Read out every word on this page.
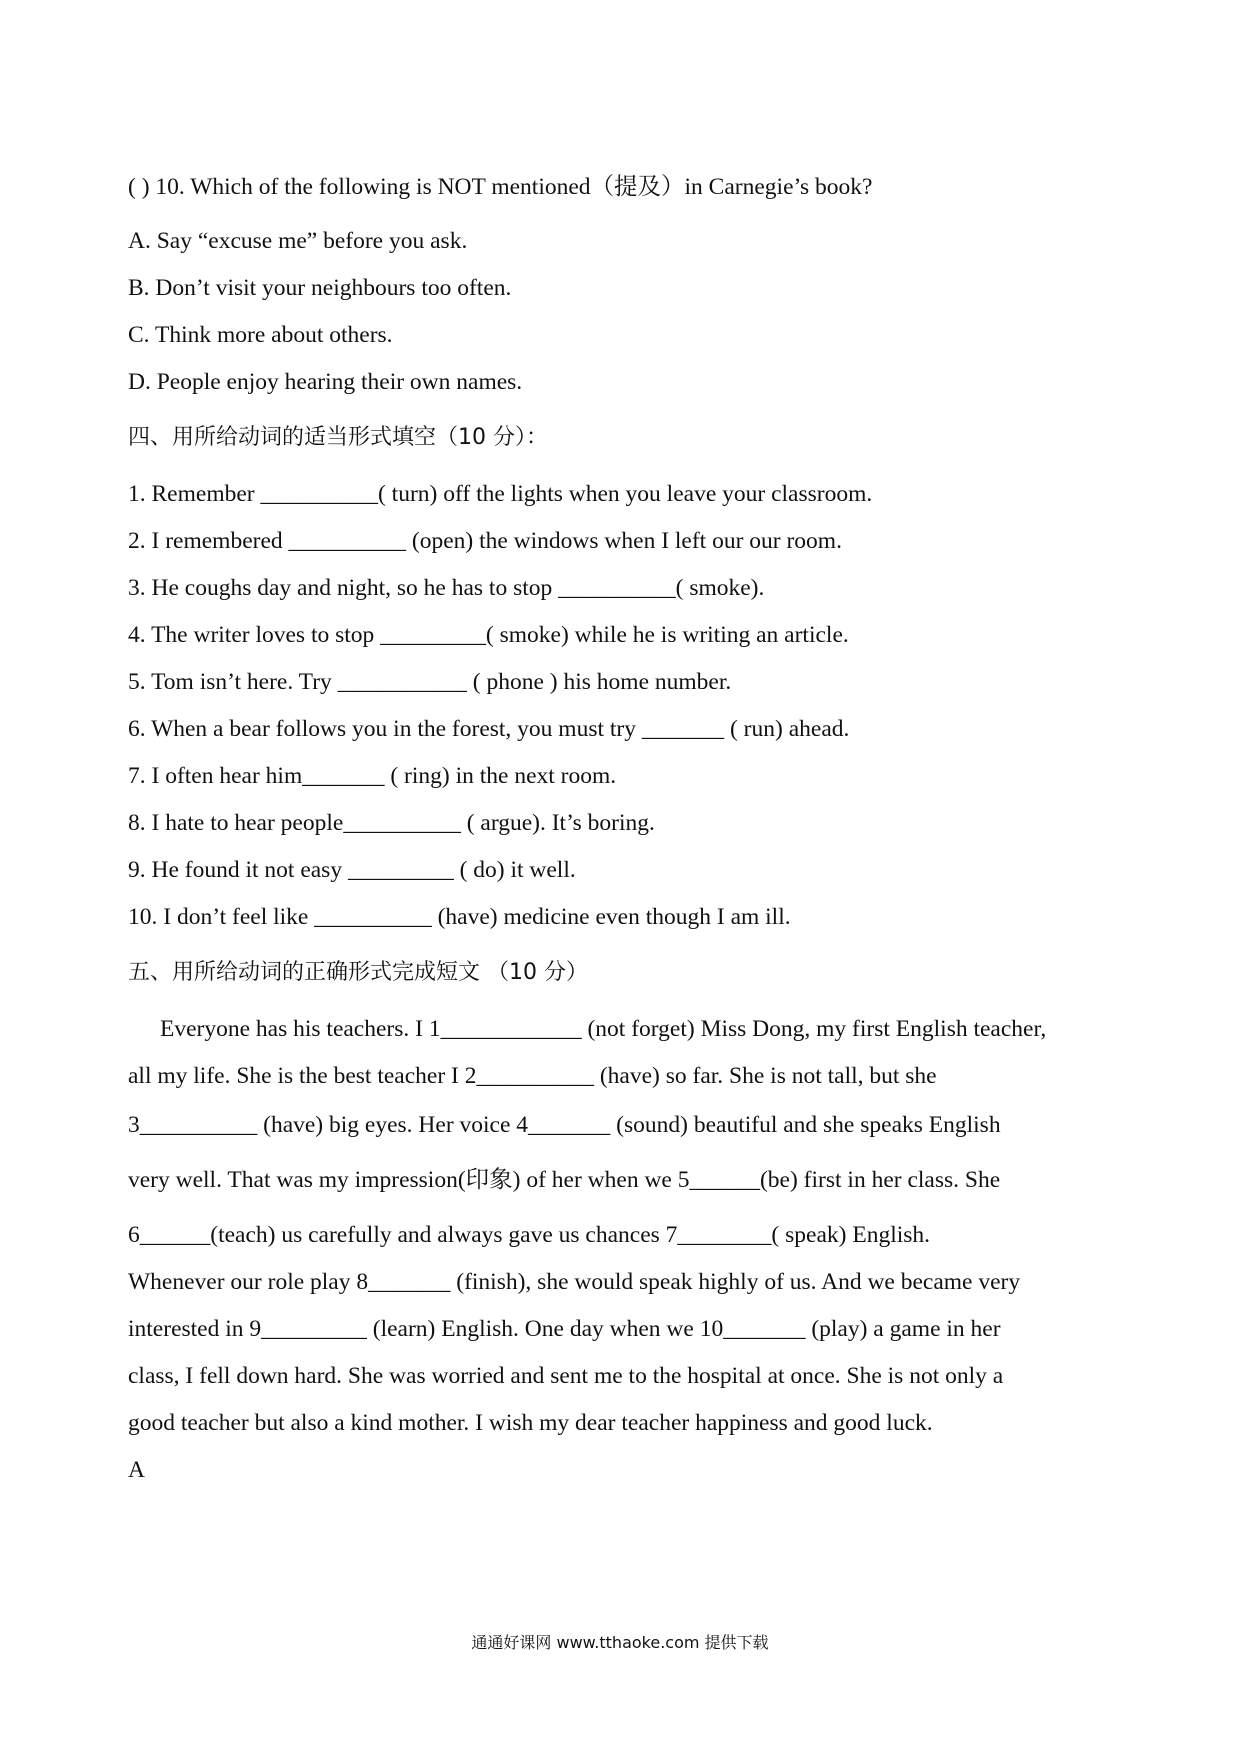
( ) 10. Which of the following is NOT mentioned（提及）in Carnegie’s book?
A. Say “excuse me” before you ask.
B. Don’t visit your neighbours too often.
C. Think more about others.
D. People enjoy hearing their own names.
四、用所给动词的适当形式填空（10 分）：
1. Remember __________( turn) off the lights when you leave your classroom.
2. I remembered __________ (open) the windows when I left our our room.
3. He coughs day and night, so he has to stop __________( smoke).
4. The writer loves to stop _________( smoke) while he is writing an article.
5. Tom isn’t here. Try ___________ ( phone ) his home number.
6. When a bear follows you in the forest, you must try _______ ( run) ahead.
7. I often hear him_______ ( ring) in the next room.
8. I hate to hear people__________ ( argue). It’s boring.
9. He found it not easy _________ ( do) it well.
10. I don’t feel like __________ (have) medicine even though I am ill.
五、用所给动词的正确形式完成短文 （10 分）
Everyone has his teachers. I 1____________ (not forget) Miss Dong, my first English teacher,
all my life. She is the best teacher I 2__________ (have) so far. She is not tall, but she
3__________ (have) big eyes. Her voice 4_______ (sound) beautiful and she speaks English
very well. That was my impression(印象) of her when we 5______(be) first in her class. She
6______(teach) us carefully and always gave us chances 7________( speak) English.
Whenever our role play 8_______ (finish), she would speak highly of us. And we became very
interested in 9_________ (learn) English. One day when we 10_______ (play) a game in her
class, I fell down hard. She was worried and sent me to the hospital at once. She is not only a
good teacher but also a kind mother. I wish my dear teacher happiness and good luck.
A
通通好课网 www.tthaoke.com 提供下载
